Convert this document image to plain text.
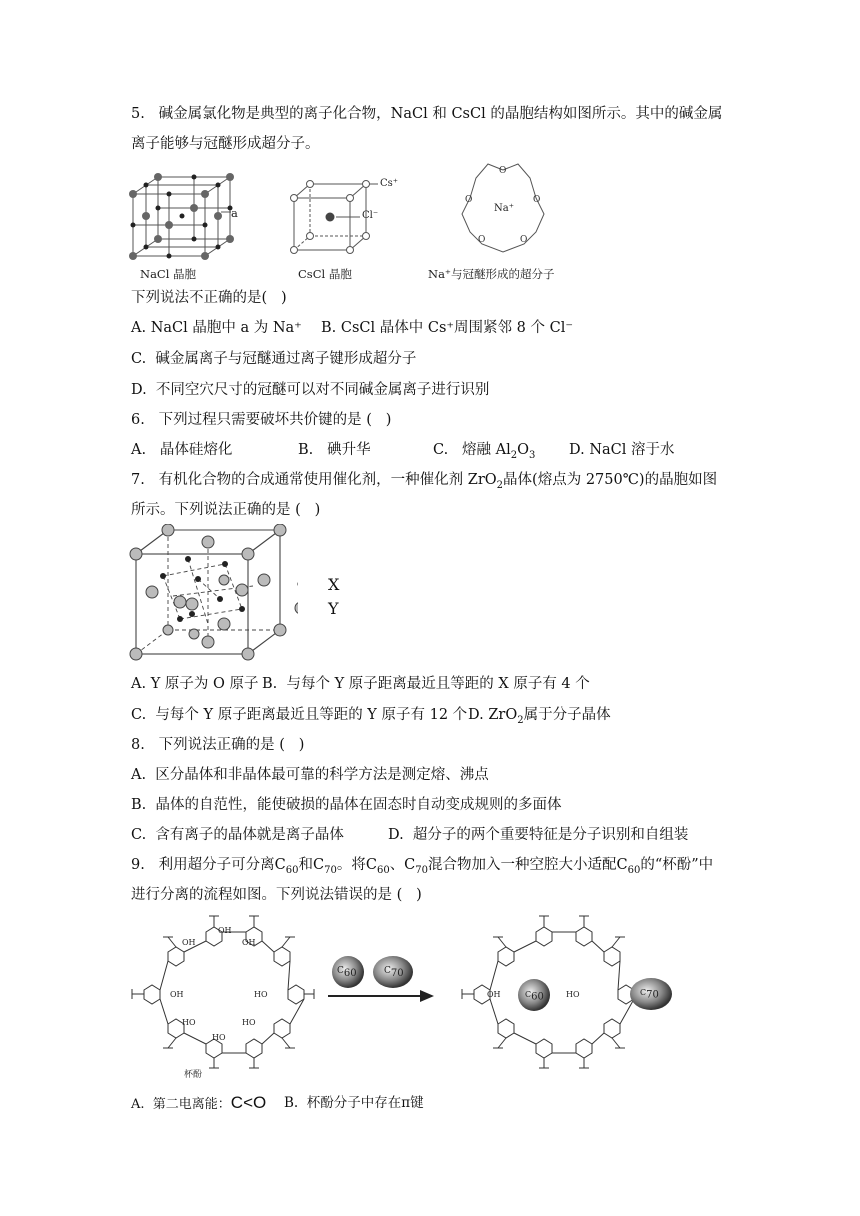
5.   碱金属氯化物是典型的离子化合物，NaCl 和 CsCl 的晶胞结构如图所示。其中的碱金属
离子能够与冠醚形成超分子。
a
NaCl 晶胞
Cs⁺
Cl⁻
CsCl 晶胞
O
O	O
O	O
Na⁺
Na⁺与冠醚形成的超分子
下列说法不正确的是(   )
A. NaCl 晶胞中 a 为 Na⁺ B. CsCl 晶体中 Cs⁺周围紧邻 8 个 Cl⁻
C.  碱金属离子与冠醚通过离子键形成超分子
D.  不同空穴尺寸的冠醚可以对不同碱金属离子进行识别
6.   下列过程只需要破坏共价键的是 (   )
A.   晶体硅熔化	B.   碘升华	C.   熔融 $Al_2O_3$ D. NaCl 溶于水
7.   有机化合物的合成通常使用催化剂，一种催化剂 ZrO$_2$晶体(熔点为 2750℃)的晶胞如图
所示。下列说法正确的是 (   )
X
Y
A. Y 原子为 O 原子 B.  与每个 Y 原子距离最近且等距的 X 原子有 4 个
C.  与每个 Y 原子距离最近且等距的 Y 原子有 12 个 D. ZrO$_2$属于分子晶体
8.   下列说法正确的是 (   )
A.  区分晶体和非晶体最可靠的科学方法是测定熔、沸点
B.  晶体的自范性，能使破损的晶体在固态时自动变成规则的多面体
C.  含有离子的晶体就是离子晶体	D.  超分子的两个重要特征是分子识别和自组装
9.   利用超分子可分离$C_{60}$和$C_{70}$。将$C_{60}$、$C_{70}$混合物加入一种空腔大小适配$C_{60}$的“杯酚”中
进行分离的流程如图。下列说法错误的是 (   )
OH
OH
OH
OH	HO
HO
HO
HO
杯酚
$C_{60}$	$C_{70}$
$C_{60}$
OH	HO	$C_{70}$
A.  第二电离能：C<O B.  杯酚分子中存在π键
